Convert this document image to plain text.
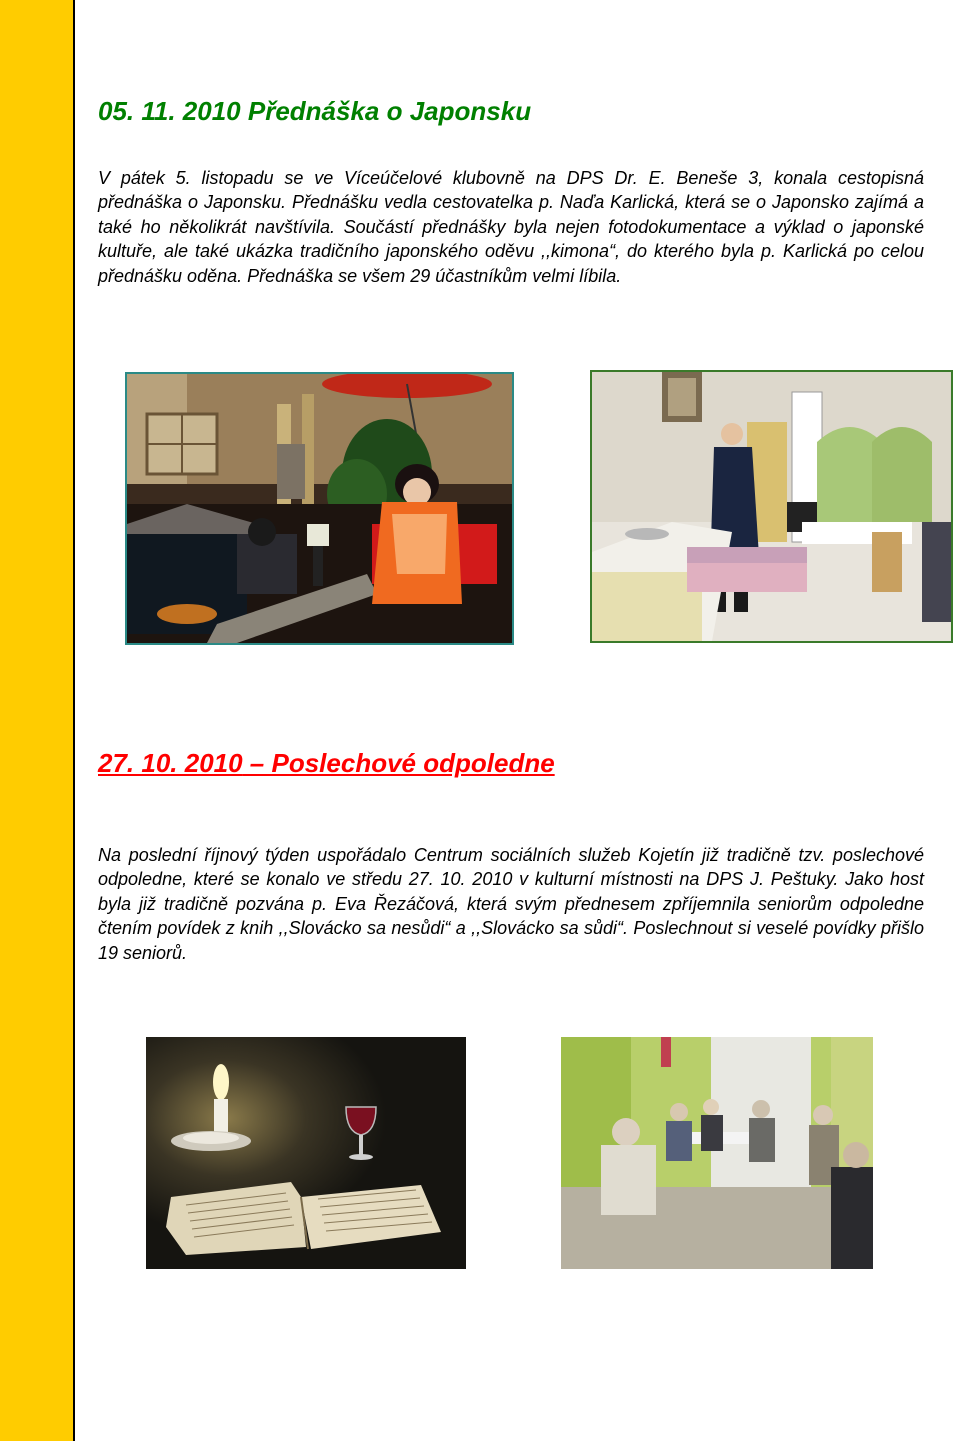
05. 11. 2010 Přednáška o Japonsku

V pátek 5. listopadu se ve Víceúčelové klubovně na DPS Dr. E. Beneše 3, konala cestopisná přednáška o Japonsku. Přednášku vedla cestovatelka p. Naďa Karlická, která se o Japonsko zajímá a také ho několikrát navštívila. Součástí přednášky byla nejen fotodokumentace a výklad o japonské kultuře, ale také ukázka tradičního japonského oděvu ,,kimona“, do kterého byla p. Karlická po celou přednášku oděna. Přednáška se všem 29 účastníkům velmi líbila.

27. 10. 2010 – Poslechové odpoledne

Na poslední říjnový týden uspořádalo Centrum sociálních služeb Kojetín již tradičně tzv. poslechové odpoledne, které se konalo ve středu 27. 10. 2010 v kulturní místnosti na DPS J. Peštuky. Jako host byla již tradičně pozvána p. Eva Řezáčová, která svým přednesem zpříjemnila seniorům odpoledne čtením povídek z knih ,,Slovácko sa nesůdi“ a ,,Slovácko sa sůdi“. Poslechnout si veselé povídky přišlo 19 seniorů.
